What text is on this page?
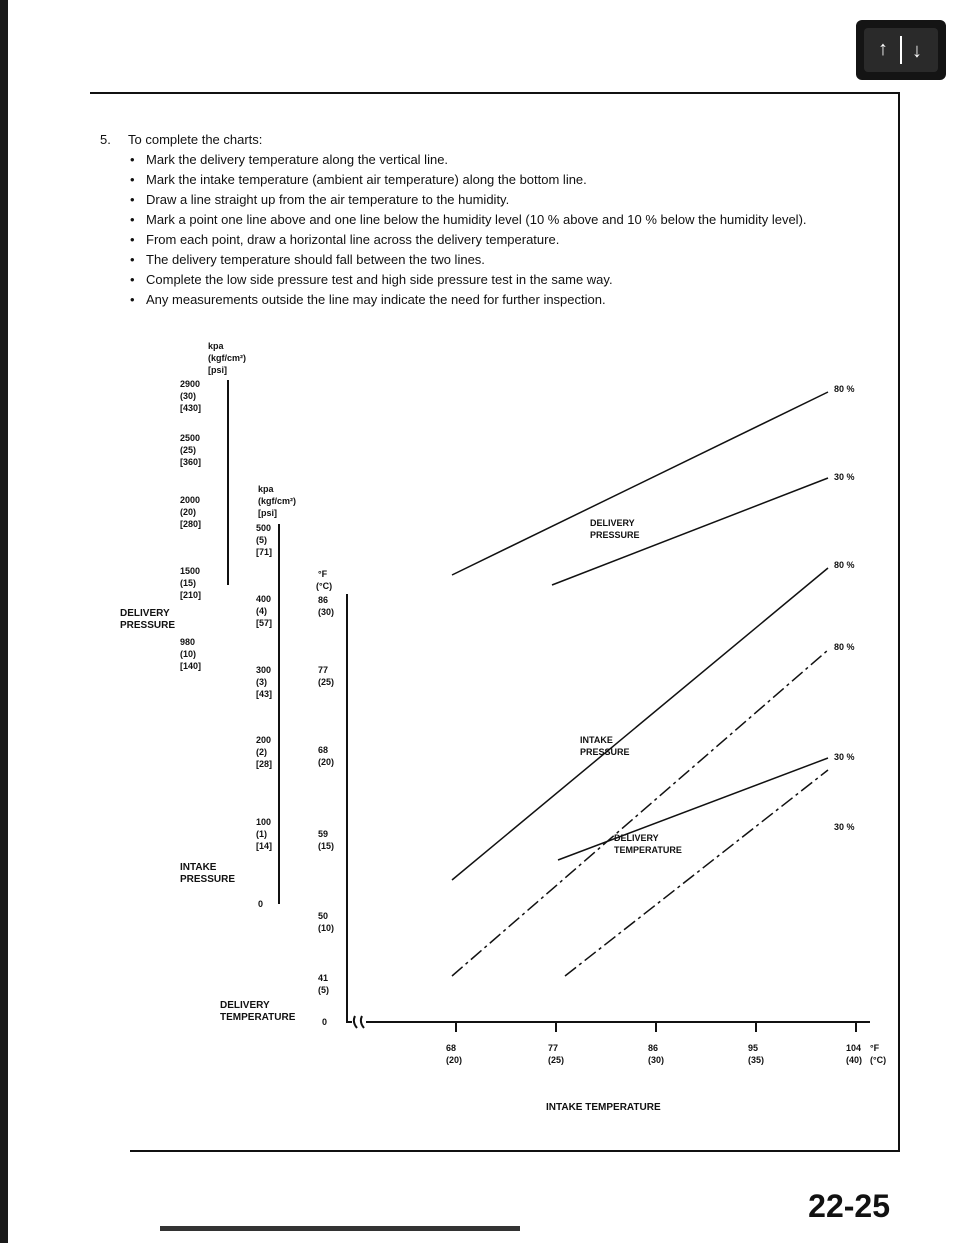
↑ ↓
5.	To complete the charts:
• Mark the delivery temperature along the vertical line.
• Mark the intake temperature (ambient air temperature) along the bottom line.
• Draw a line straight up from the air temperature to the humidity.
• Mark a point one line above and one line below the humidity level (10 % above and 10 % below the humidity level).
• From each point, draw a horizontal line across the delivery temperature.
• The delivery temperature should fall between the two lines.
• Complete the low side pressure test and high side pressure test in the same way.
• Any measurements outside the line may indicate the need for further inspection.
kpa
(kgf/cm²)
[psi]
2900
(30)
[430]
2500
(25)
[360]
2000
(20)
[280]
1500
(15)
[210]
980
(10)
[140]
DELIVERY
PRESSURE
kpa
(kgf/cm²)
[psi]
500
(5)
[71]
400
(4)
[57]
300
(3)
[43]
200
(2)
[28]
100
(1)
[14]
0
INTAKE
PRESSURE
°F
(°C)
86
(30)
77
(25)
68
(20)
59
(15)
50
(10)
41
(5)
0
DELIVERY
TEMPERATURE
68
(20)
77
(25)
86
(30)
95
(35)
104
(40)
°F
(°C)
INTAKE TEMPERATURE
DELIVERY
PRESSURE
80 %
30 %
INTAKE
PRESSURE
80 %
30 %
DELIVERY
TEMPERATURE
80 %
30 %
22-25
